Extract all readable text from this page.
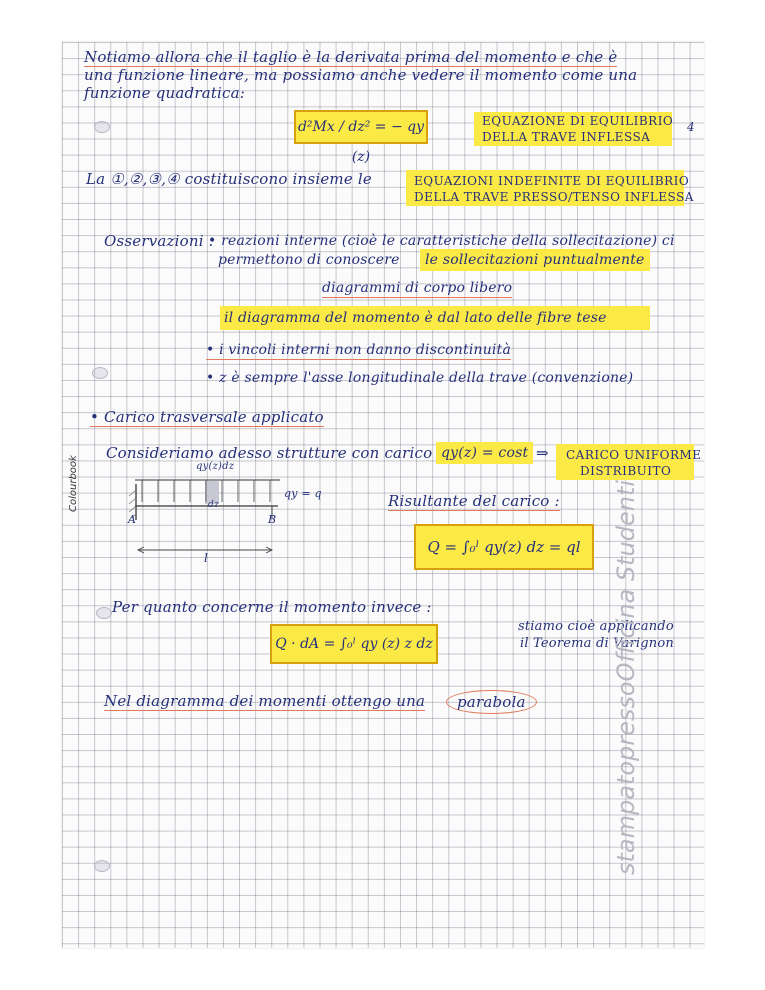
Notiamo allora che il taglio è la derivata prima del momento e che è
una funzione lineare, ma possiamo anche vedere il momento come una
funzione quadratica:
d²Mx / dz² = − qy (z)
EQUAZIONE DI EQUILIBRIO
DELLA TRAVE INFLESSA
4
La ①,②,③,④ costituiscono insieme le	EQUAZIONI INDEFINITE DI EQUILIBRIO
DELLA TRAVE PRESSO/TENSO INFLESSA
Osservazioni :
• reazioni interne (cioè le caratteristiche della sollecitazione) ci
permettono di conoscere	le sollecitazioni puntualmente
diagrammi di corpo libero
il diagramma del momento è dal lato delle fibre tese
• i vincoli interni non danno discontinuità
• z è sempre l'asse longitudinale della trave (convenzione)
• Carico trasversale applicato
Consideriamo adesso strutture con carico qy(z) = cost ⇒ CARICO UNIFORME
DISTRIBUITO
qy(z)dz
qy = q
dz
A	B
l
Colourbook	Risultante del carico :
Q = ∫₀ˡ qy(z) dz = ql
Per quanto concerne il momento invece :
Q · dA = ∫₀ˡ qy (z) z dz
stiamo cioè applicando
il Teorema di Varignon
Nel diagramma dei momenti ottengo una	parabola	stampatopressoOfficina Studenti
